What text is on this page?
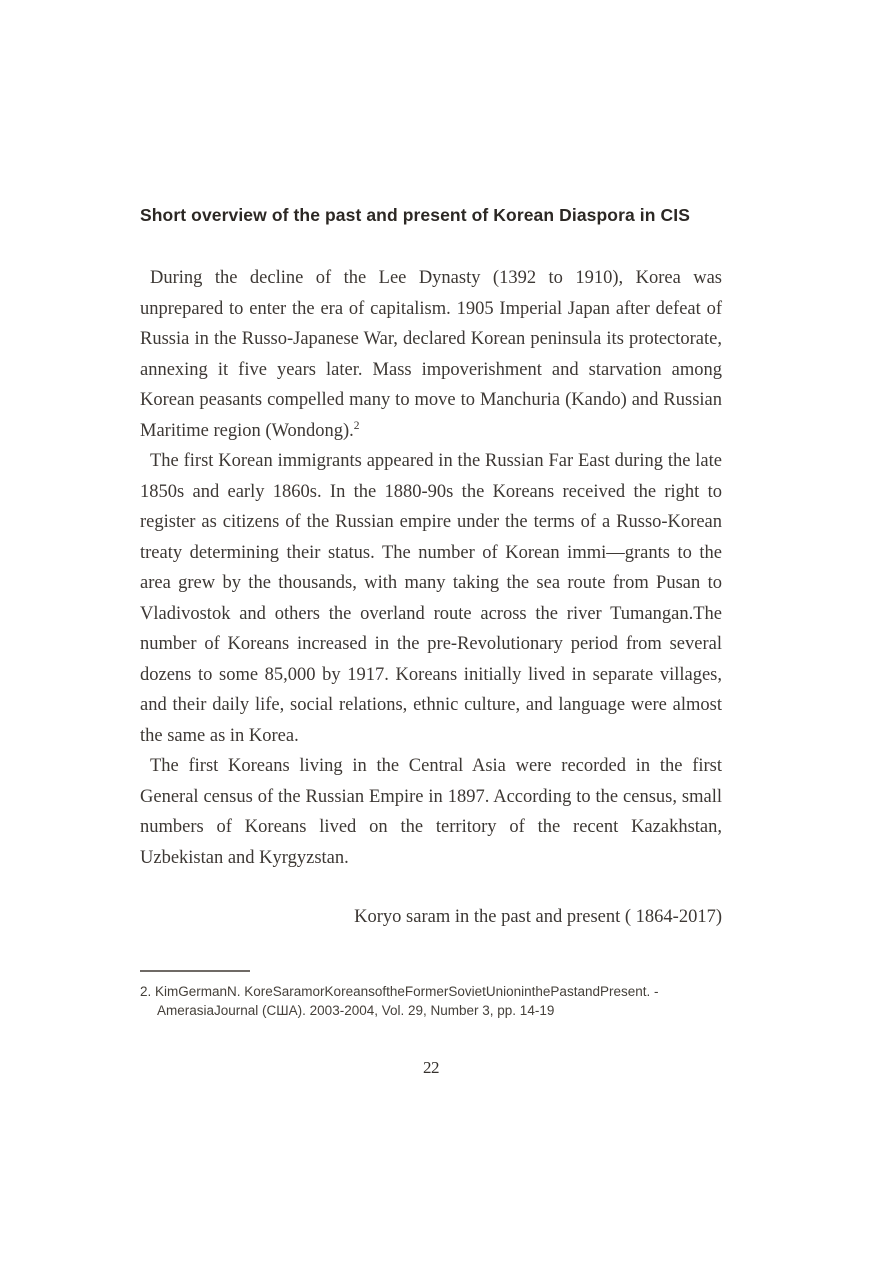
Short overview of the past and present of Korean Diaspora in CIS

During the decline of the Lee Dynasty (1392 to 1910), Korea was unprepared to enter the era of capitalism. 1905 Imperial Japan after defeat of Russia in the Russo-Japanese War, declared Korean peninsula its protectorate, annexing it five years later. Mass impoverishment and starvation among Korean peasants compelled many to move to Manchuria (Kando) and Russian Maritime region (Wondong).$^2$

The first Korean immigrants appeared in the Russian Far East during the late 1850s and early 1860s. In the 1880-90s the Koreans received the right to register as citizens of the Russian empire under the terms of a Russo-Korean treaty determining their status. The number of Korean immi—grants to the area grew by the thousands, with many taking the sea route from Pusan to Vladivostok and others the overland route across the river Tumangan.The number of Koreans increased in the pre-Revolutionary period from several dozens to some 85,000 by 1917. Koreans initially lived in separate villages, and their daily life, social relations, ethnic culture, and language were almost the same as in Korea.

The first Koreans living in the Central Asia were recorded in the first General census of the Russian Empire in 1897. According to the census, small numbers of Koreans lived on the territory of the recent Kazakhstan, Uzbekistan and Kyrgyzstan.

Koryo saram in the past and present ( 1864-2017)

2. KimGermanN. KoreSaramorKoreansoftheFormerSovietUnioninthePastandPresent. -
AmerasiaJournal (США). 2003-2004, Vol. 29, Number 3, pp. 14-19
22
